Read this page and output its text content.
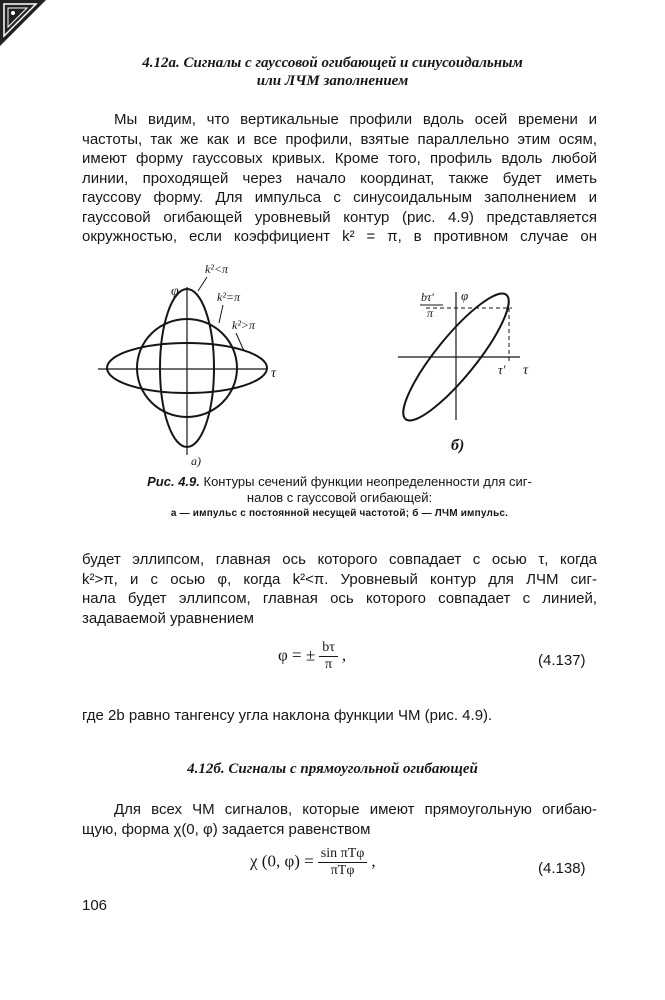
4.12а. Сигналы с гауссовой огибающей и синусоидальным
или ЛЧМ заполнением
Мы видим, что вертикальные профили вдоль осей времени и
частоты, так же как и все профили, взятые параллельно этим осям,
имеют форму гауссовых кривых. Кроме того, профиль вдоль любой
линии, проходящей через начало координат, также будет иметь
гауссову форму. Для импульса с синусоидальным заполнением и
гауссовой огибающей уровневый контур (рис. 4.9) представляется
окружностью, если коэффициент k² = π, в противном случае он
k²<π
k²=π
k²>π
φ
τ
а)
bτ′
π
φ
τ′ τ
б)
Рис. 4.9. Контуры сечений функции неопределенности для сиг-
налов с гауссовой огибающей:
а — импульс с постоянной несущей частотой; б — ЛЧМ импульс.
будет эллипсом, главная ось которого совпадает с осью τ, когда
k²>π, и с осью φ, когда k²<π. Уровневый контур для ЛЧМ сиг-
нала будет эллипсом, главная ось которого совпадает с линией,
задаваемой уравнением
φ = ± $\frac{b\tau}{\pi}$ ,	(4.137)
где 2b равно тангенсу угла наклона функции ЧМ (рис. 4.9).
4.12б. Сигналы с прямоугольной огибающей
Для всех ЧМ сигналов, которые имеют прямоугольную огибаю-
щую, форма χ(0, φ) задается равенством
χ (0, $\varphi) = \frac{\text{sin πTφ}}{\text{πTφ}}$ ,	(4.138)
106
